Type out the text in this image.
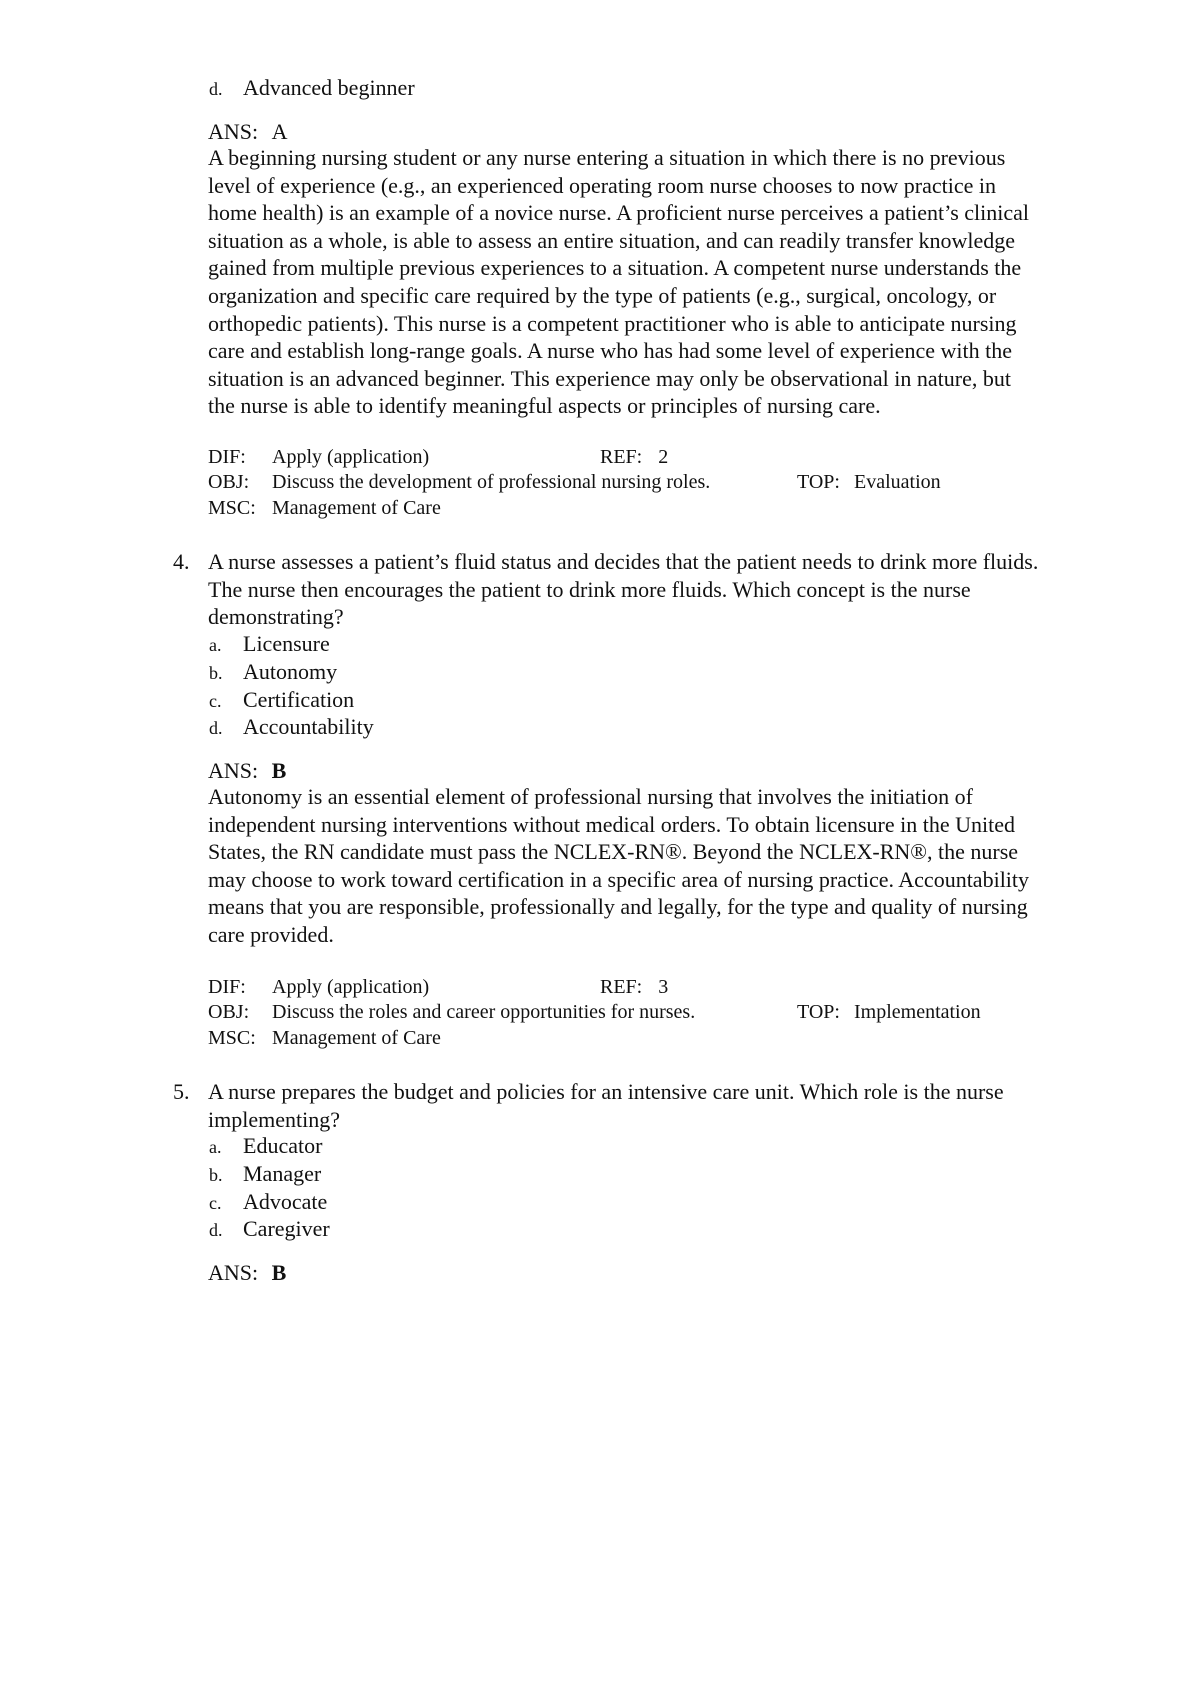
d. Advanced beginner
ANS: A
A beginning nursing student or any nurse entering a situation in which there is no previous
level of experience (e.g., an experienced operating room nurse chooses to now practice in
home health) is an example of a novice nurse. A proficient nurse perceives a patient’s clinical
situation as a whole, is able to assess an entire situation, and can readily transfer knowledge
gained from multiple previous experiences to a situation. A competent nurse understands the
organization and specific care required by the type of patients (e.g., surgical, oncology, or
orthopedic patients). This nurse is a competent practitioner who is able to anticipate nursing
care and establish long-range goals. A nurse who has had some level of experience with the
situation is an advanced beginner. This experience may only be observational in nature, but
the nurse is able to identify meaningful aspects or principles of nursing care.
DIF: Apply (application)	REF: 2
OBJ: Discuss the development of professional nursing roles.	TOP: Evaluation
MSC: Management of Care
4. A nurse assesses a patient’s fluid status and decides that the patient needs to drink more fluids.
The nurse then encourages the patient to drink more fluids. Which concept is the nurse
demonstrating?
a. Licensure
b. Autonomy
c. Certification
d. Accountability
ANS: B
Autonomy is an essential element of professional nursing that involves the initiation of
independent nursing interventions without medical orders. To obtain licensure in the United
States, the RN candidate must pass the NCLEX-RN®. Beyond the NCLEX-RN®, the nurse
may choose to work toward certification in a specific area of nursing practice. Accountability
means that you are responsible, professionally and legally, for the type and quality of nursing
care provided.
DIF: Apply (application)	REF: 3
OBJ: Discuss the roles and career opportunities for nurses.	TOP: Implementation
MSC: Management of Care
5. A nurse prepares the budget and policies for an intensive care unit. Which role is the nurse
implementing?
a. Educator
b. Manager
c. Advocate
d. Caregiver
ANS: B
